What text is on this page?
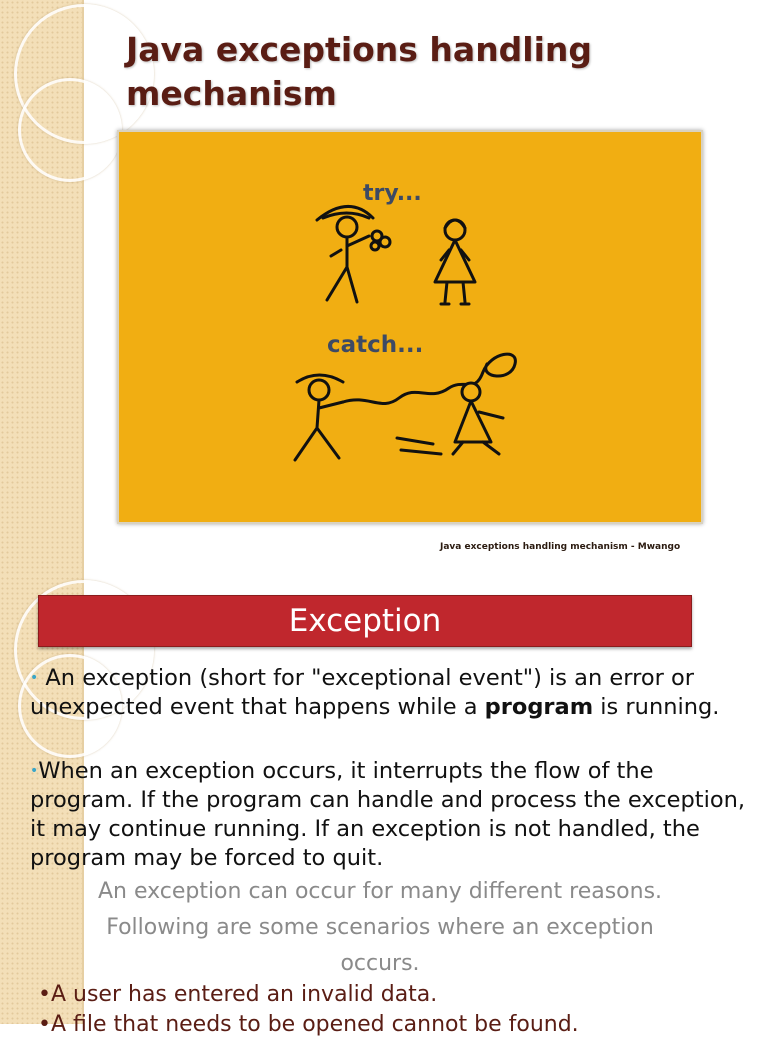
Java exceptions handling mechanism
try...
catch...
Java exceptions handling mechanism - Mwango
Exception
• An exception (short for "exceptional event") is an error or unexpected event that happens while a program is running.
•When an exception occurs, it interrupts the flow of the program. If the program can handle and process the exception, it may continue running. If an exception is not handled, the program may be forced to quit.
An exception can occur for many different reasons. Following are some scenarios where an exception occurs.
•A user has entered an invalid data.
•A file that needs to be opened cannot be found.
